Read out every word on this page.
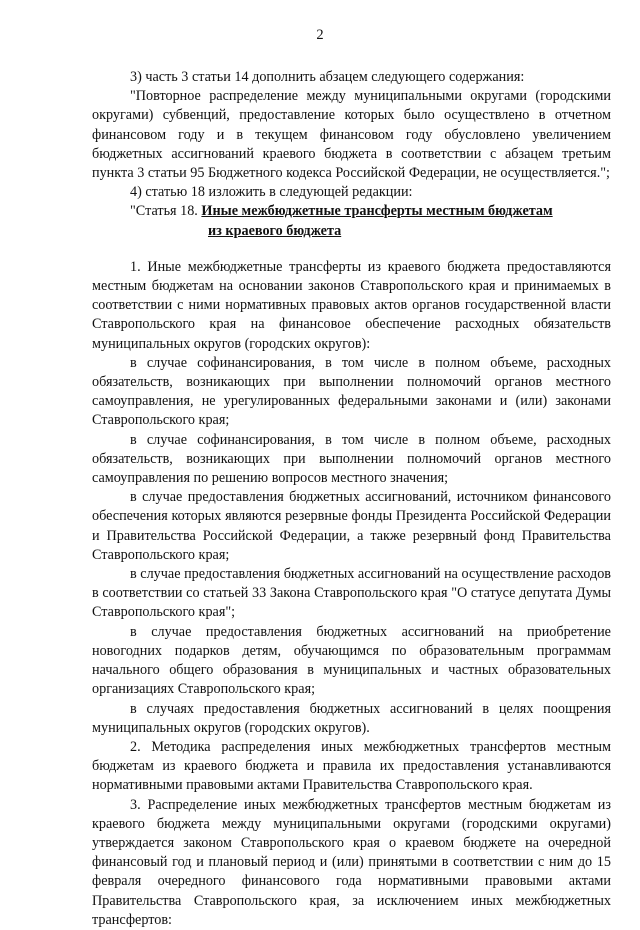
2

3) часть 3 статьи 14 дополнить абзацем следующего содержания:

"Повторное распределение между муниципальными округами (городскими округами) субвенций, предоставление которых было осуществлено в отчетном финансовом году и в текущем финансовом году обусловлено увеличением бюджетных ассигнований краевого бюджета в соответствии с абзацем третьим пункта 3 статьи 95 Бюджетного кодекса Российской Федерации, не осуществляется.";

4) статью 18 изложить в следующей редакции:

"Статья 18. Иные межбюджетные трансферты местным бюджетам

из краевого бюджета

1. Иные межбюджетные трансферты из краевого бюджета предоставляются местным бюджетам на основании законов Ставропольского края и принимаемых в соответствии с ними нормативных правовых актов органов государственной власти Ставропольского края на финансовое обеспечение расходных обязательств муниципальных округов (городских округов):

в случае софинансирования, в том числе в полном объеме, расходных обязательств, возникающих при выполнении полномочий органов местного самоуправления, не урегулированных федеральными законами и (или) законами Ставропольского края;

в случае софинансирования, в том числе в полном объеме, расходных обязательств, возникающих при выполнении полномочий органов местного самоуправления по решению вопросов местного значения;

в случае предоставления бюджетных ассигнований, источником финансового обеспечения которых являются резервные фонды Президента Российской Федерации и Правительства Российской Федерации, а также резервный фонд Правительства Ставропольского края;

в случае предоставления бюджетных ассигнований на осуществление расходов в соответствии со статьей 33 Закона Ставропольского края "О статусе депутата Думы Ставропольского края";

в случае предоставления бюджетных ассигнований на приобретение новогодних подарков детям, обучающимся по образовательным программам начального общего образования в муниципальных и частных образовательных организациях Ставропольского края;

в случаях предоставления бюджетных ассигнований в целях поощрения муниципальных округов (городских округов).

2. Методика распределения иных межбюджетных трансфертов местным бюджетам из краевого бюджета и правила их предоставления устанавливаются нормативными правовыми актами Правительства Ставропольского края.

3. Распределение иных межбюджетных трансфертов местным бюджетам из краевого бюджета между муниципальными округами (городскими округами) утверждается законом Ставропольского края о краевом бюджете на очередной финансовый год и плановый период и (или) принятыми в соответствии с ним до 15 февраля очередного финансового года нормативными правовыми актами Правительства Ставропольского края, за исключением иных межбюджетных трансфертов:
